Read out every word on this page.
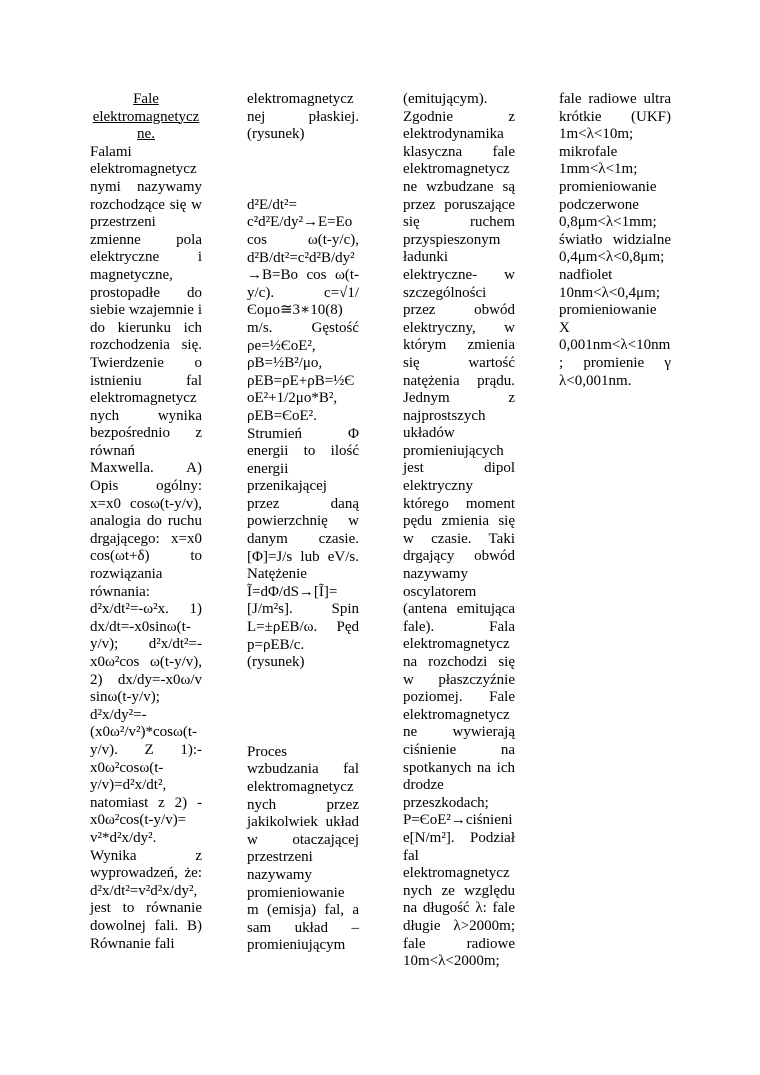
Fale elektromagnetyczne.

Falami elektromagnetycznymi nazywamy rozchodzące się w przestrzeni zmienne pola elektryczne i magnetyczne, prostopadłe do siebie wzajemnie i do kierunku ich rozchodzenia się. Twierdzenie o istnieniu fal elektromagnetycznych wynika bezpośrednio z równań Maxwella. A) Opis ogólny: x=x0 cosω(t-y/v), analogia do ruchu drgającego: x=x0 cos(ωt+δ) to rozwiązania równania: d²x/dt²=-ω²x. 1) dx/dt=-x0sinω(t-y/v); d²x/dt²=-x0ω²cos ω(t-y/v), 2) dx/dy=-x0ω/v sinω(t-y/v); d²x/dy²=-(x0ω²/v²)*cosω(t-y/v). Z 1):-x0ω²cosω(t-y/v)=d²x/dt², natomiast z 2) -x0ω²cos(t-y/v)= v²*d²x/dy². Wynika z wyprowadzeń, że: d²x/dt²=v²d²x/dy², jest to równanie dowolnej fali. B) Równanie fali

elektromagnetycznej płaskiej. (rysunek)

d²E/dt²= c²d²E/dy²→E=Eo cos ω(t-y/c), d²B/dt²=c²d²B/dy² →B=Bo cos ω(t-y/c). c=√1/Єoμo≅3∗10(8) m/s. Gęstość ρe=½ЄoE², ρB=½B²/μo, ρEB=ρE+ρB=½ЄoE²+1/2μo*B², ρEB=ЄoE². Strumień Φ energii to ilość energii przenikającej przez daną powierzchnię w danym czasie. [Φ]=J/s lub eV/s. Natężenie Ĩ=dΦ/dS→[Ĩ]=[J/m²s]. Spin L=±ρEB/ω. Pęd p=ρEB/c. (rysunek)

Proces wzbudzania fal elektromagnetycznych przez jakikolwiek układ w otaczającej przestrzeni nazywamy promieniowanie m (emisja) fal, a sam układ –promieniującym

(emitującym). Zgodnie z elektrodynamika klasyczna fale elektromagnetyczne wzbudzane są przez poruszające się ruchem przyspieszonym ładunki elektryczne- w szczególności przez obwód elektryczny, w którym zmienia się wartość natężenia prądu. Jednym z najprostszych układów promieniujących jest dipol elektryczny którego moment pędu zmienia się w czasie. Taki drgający obwód nazywamy oscylatorem (antena emitująca fale). Fala elektromagnetyczna rozchodzi się w płaszczyźnie poziomej. Fale elektromagnetyczne wywierają ciśnienie na spotkanych na ich drodze przeszkodach; P=ЄoE²→ciśnienie[N/m²]. Podział fal elektromagnetycznych ze względu na długość λ: fale długie λ>2000m; fale radiowe 10m<λ<2000m;

fale radiowe ultra krótkie (UKF) 1m<λ<10m; mikrofale 1mm<λ<1m; promieniowanie podczerwone 0,8μm<λ<1mm; światło widzialne 0,4μm<λ<0,8μm; nadfiolet 10nm<λ<0,4μm; promieniowanie X 0,001nm<λ<10nm; promienie γ λ<0,001nm.
